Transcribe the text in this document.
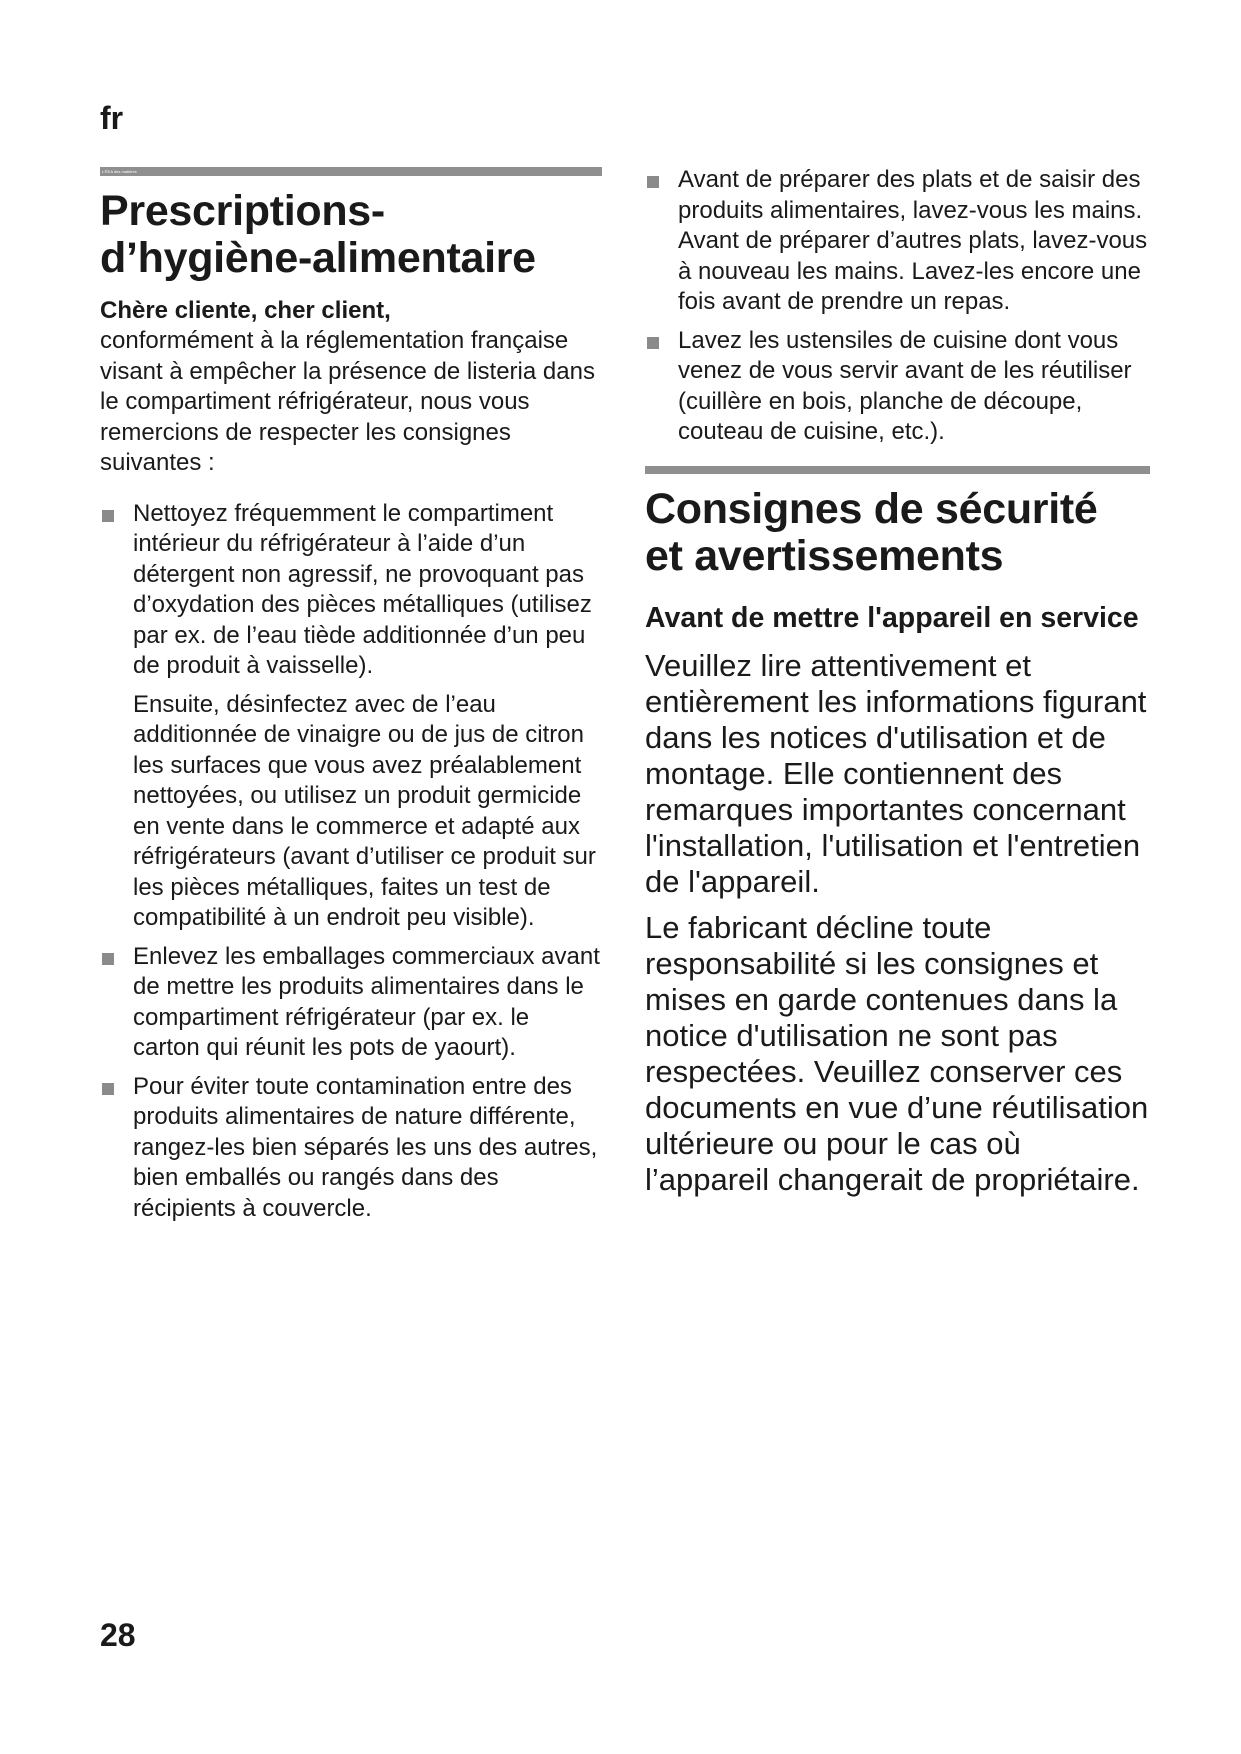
fr
L'ÉEA des matières
Prescriptions-
d’hygiène-alimentaire

Chère cliente, cher client,

conformément à la réglementation française visant à empêcher la présence de listeria dans le compartiment réfrigérateur, nous vous remercions de respecter les consignes suivantes :

Nettoyez fréquemment le compartiment intérieur du réfrigérateur à l’aide d’un détergent non agressif, ne provoquant pas d’oxydation des pièces métalliques (utilisez par ex. de l’eau tiède additionnée d’un peu de produit à vaisselle).

Ensuite, désinfectez avec de l’eau additionnée de vinaigre ou de jus de citron les surfaces que vous avez préalablement nettoyées, ou utilisez un produit germicide en vente dans le commerce et adapté aux réfrigérateurs (avant d’utiliser ce produit sur les pièces métalliques, faites un test de compatibilité à un endroit peu visible).

Enlevez les emballages commerciaux avant de mettre les produits alimentaires dans le compartiment réfrigérateur (par ex. le carton qui réunit les pots de yaourt).

Pour éviter toute contamination entre des produits alimentaires de nature différente, rangez-les bien séparés les uns des autres, bien emballés ou rangés dans des récipients à couvercle.

Avant de préparer des plats et de saisir des produits alimentaires, lavez-vous les mains. Avant de préparer d’autres plats, lavez-vous à nouveau les mains. Lavez-les encore une fois avant de prendre un repas.

Lavez les ustensiles de cuisine dont vous venez de vous servir avant de les réutiliser (cuillère en bois, planche de découpe, couteau de cuisine, etc.).

Consignes de sécurité
et avertissements
Avant de mettre l'appareil en service

Veuillez lire attentivement et entièrement les informations figurant dans les notices d'utilisation et de montage. Elle contiennent des remarques importantes concernant l'installation, l'utilisation et l'entretien de l'appareil.

Le fabricant décline toute responsabilité si les consignes et mises en garde contenues dans la notice d'utilisation ne sont pas respectées. Veuillez conserver ces documents en vue d’une réutilisation ultérieure ou pour le cas où l’appareil changerait de propriétaire.

28
